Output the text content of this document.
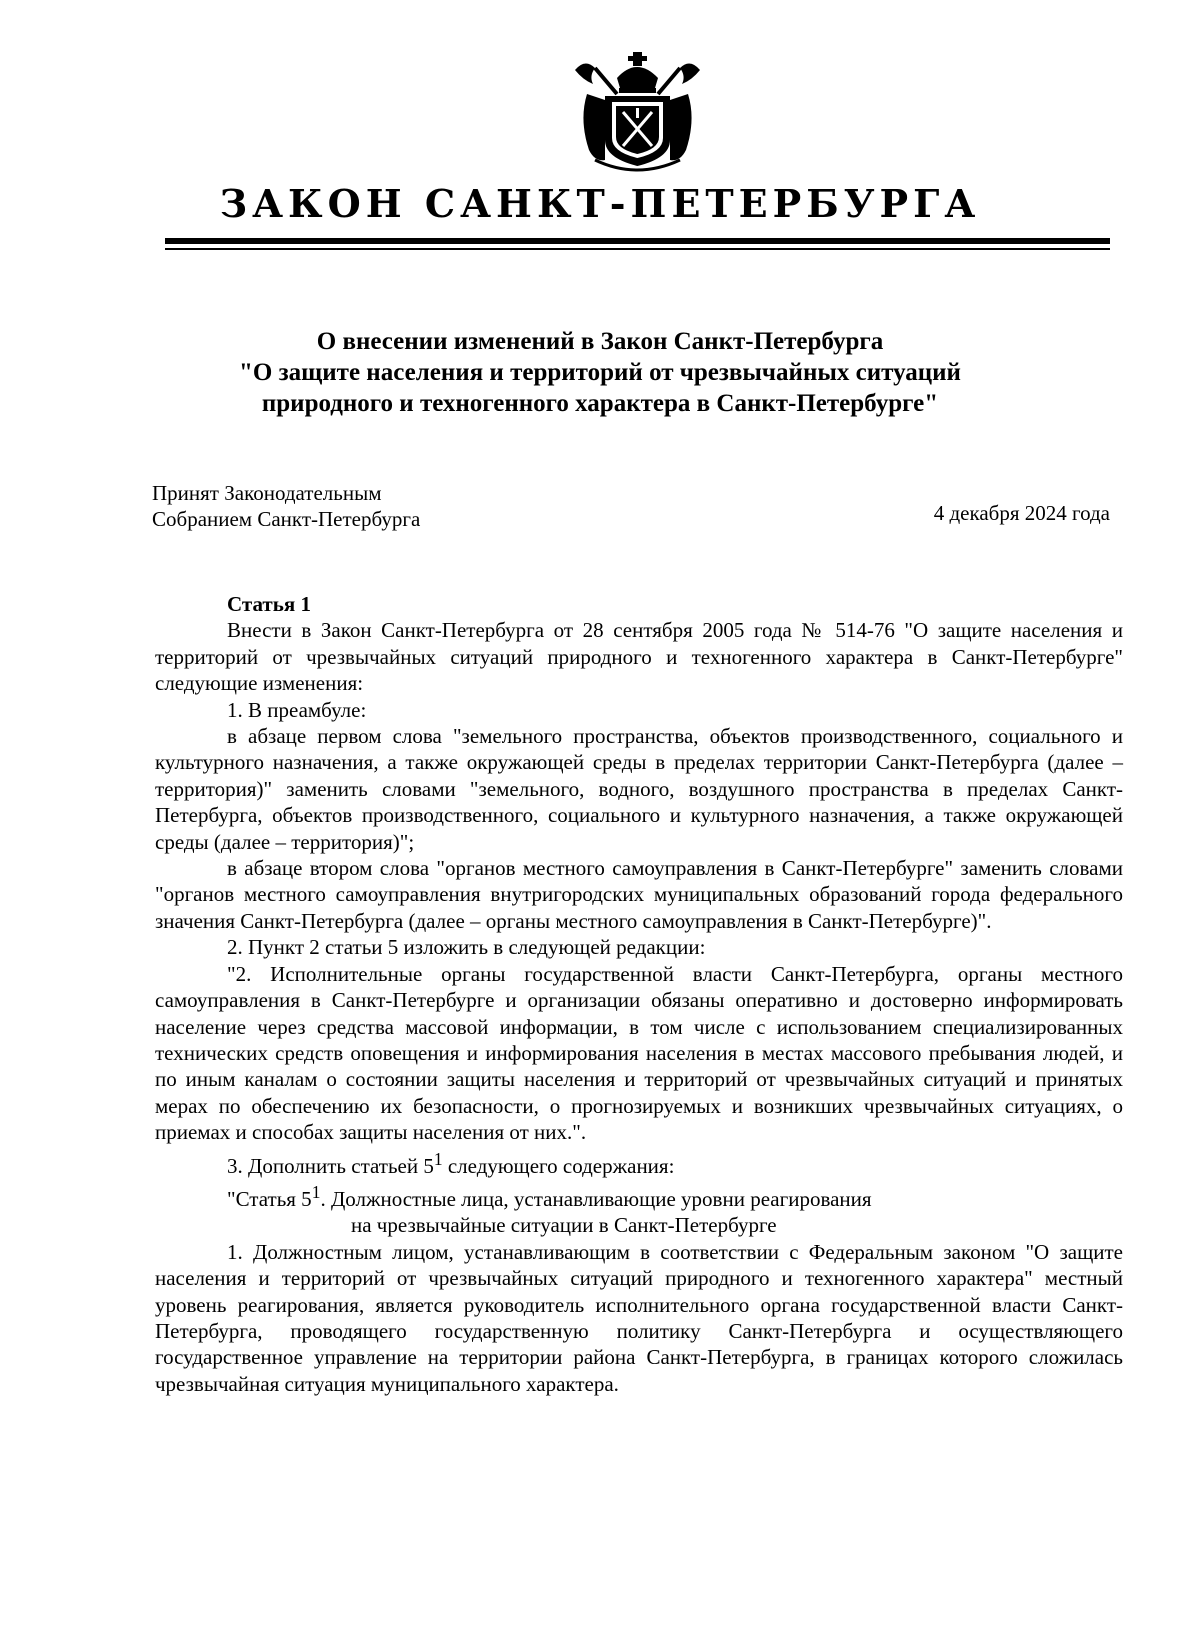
ЗАКОН САНКТ-ПЕТЕРБУРГА
О внесении изменений в Закон Санкт-Петербурга
"О защите населения и территорий от чрезвычайных ситуаций
природного и техногенного характера в Санкт-Петербурге"
Принят Законодательным
Собранием Санкт-Петербурга	4 декабря 2024 года

Статья 1

Внести в Закон Санкт-Петербурга от 28 сентября 2005 года № 514-76 "О защите населения и территорий от чрезвычайных ситуаций природного и техногенного характера в Санкт-Петербурге" следующие изменения:

1. В преамбуле:

в абзаце первом слова "земельного пространства, объектов производственного, социального и культурного назначения, а также окружающей среды в пределах территории Санкт-Петербурга (далее – территория)" заменить словами "земельного, водного, воздушного пространства в пределах Санкт-Петербурга, объектов производственного, социального и культурного назначения, а также окружающей среды (далее – территория)";

в абзаце втором слова "органов местного самоуправления в Санкт-Петербурге" заменить словами "органов местного самоуправления внутригородских муниципальных образований города федерального значения Санкт-Петербурга (далее – органы местного самоуправления в Санкт-Петербурге)".

2. Пункт 2 статьи 5 изложить в следующей редакции:

"2. Исполнительные органы государственной власти Санкт-Петербурга, органы местного самоуправления в Санкт-Петербурге и организации обязаны оперативно и достоверно информировать население через средства массовой информации, в том числе с использованием специализированных технических средств оповещения и информирования населения в местах массового пребывания людей, и по иным каналам о состоянии защиты населения и территорий от чрезвычайных ситуаций и принятых мерах по обеспечению их безопасности, о прогнозируемых и возникших чрезвычайных ситуациях, о приемах и способах защиты населения от них.".

3. Дополнить статьей $5^1$ следующего содержания:

"Статья $5^1$. Должностные лица, устанавливающие уровни реагирования

на чрезвычайные ситуации в Санкт-Петербурге

1. Должностным лицом, устанавливающим в соответствии с Федеральным законом "О защите населения и территорий от чрезвычайных ситуаций природного и техногенного характера" местный уровень реагирования, является руководитель исполнительного органа государственной власти Санкт-Петербурга, проводящего государственную политику Санкт-Петербурга и осуществляющего государственное управление на территории района Санкт-Петербурга, в границах которого сложилась чрезвычайная ситуация муниципального характера.
